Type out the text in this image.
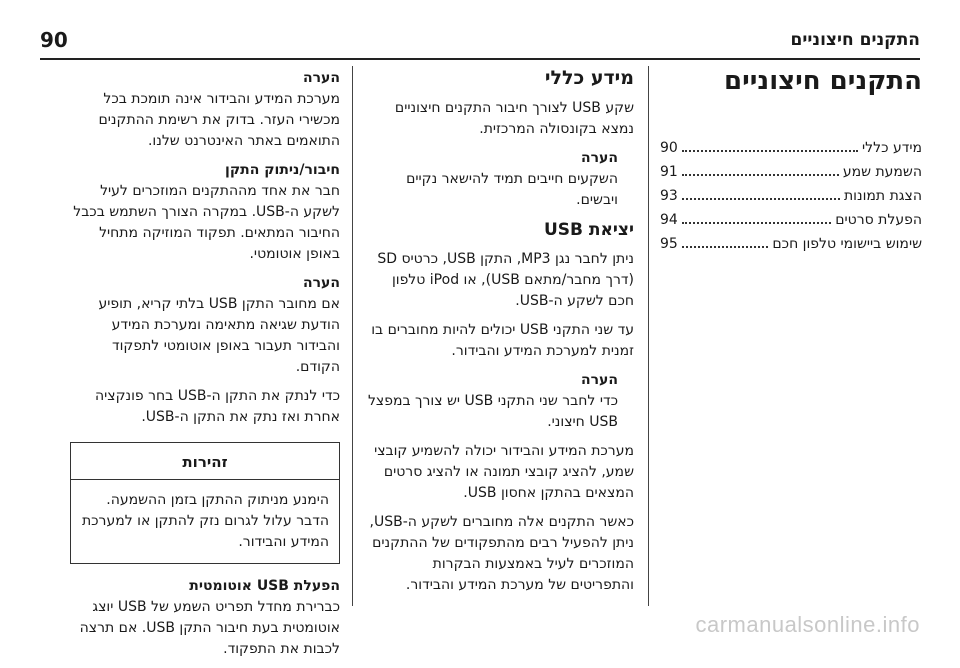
90	התקנים חיצוניים
התקנים חיצוניים
מידע כללי
90
השמעת שמע
91
הצגת תמונות
93
הפעלת סרטים
94
שימוש ביישומי טלפון חכם
95
מידע כללי
שקע USB לצורך חיבור התקנים חיצוניים נמצא בקונסולה המרכזית.
הערה
השקעים חייבים תמיד להישאר נקיים ויבשים.
יציאת USB
ניתן לחבר נגן MP3, התקן USB, כרטיס SD (דרך מחבר/מתאם USB), או iPod טלפון חכם לשקע ה-USB.
עד שני התקני USB יכולים להיות מחוברים בו זמנית למערכת המידע והבידור.
הערה
כדי לחבר שני התקני USB יש צורך במפצל USB חיצוני.
מערכת המידע והבידור יכולה להשמיע קובצי שמע, להציג קובצי תמונה או להציג סרטים המצאים בהתקן אחסון USB.
כאשר התקנים אלה מחוברים לשקע ה-USB, ניתן להפעיל רבים מהתפקודים של ההתקנים המוזכרים לעיל באמצעות הבקרות והתפריטים של מערכת המידע והבידור.
הערה
מערכת המידע והבידור אינה תומכת בכל מכשירי העזר. בדוק את רשימת ההתקנים התואמים באתר האינטרנט שלנו.
חיבור/ניתוק התקן
חבר את אחד מההתקנים המוזכרים לעיל לשקע ה-USB. במקרה הצורך השתמש בכבל החיבור המתאים. תפקוד המוזיקה מתחיל באופן אוטומטי.
הערה
אם מחובר התקן USB בלתי קריא, תופיע הודעת שגיאה מתאימה ומערכת המידע והבידור תעבור באופן אוטומטי לתפקוד הקודם.
כדי לנתק את התקן ה-USB בחר פונקציה אחרת ואז נתק את התקן ה-USB.
זהירות
הימנע מניתוק ההתקן בזמן ההשמעה. הדבר עלול לגרום נזק להתקן או למערכת המידע והבידור.
הפעלת USB אוטומטית
כברירת מחדל תפריט השמע של USB יוצג אוטומטית בעת חיבור התקן USB. אם תרצה לכבות את התפקוד.
carmanualsonline.info
